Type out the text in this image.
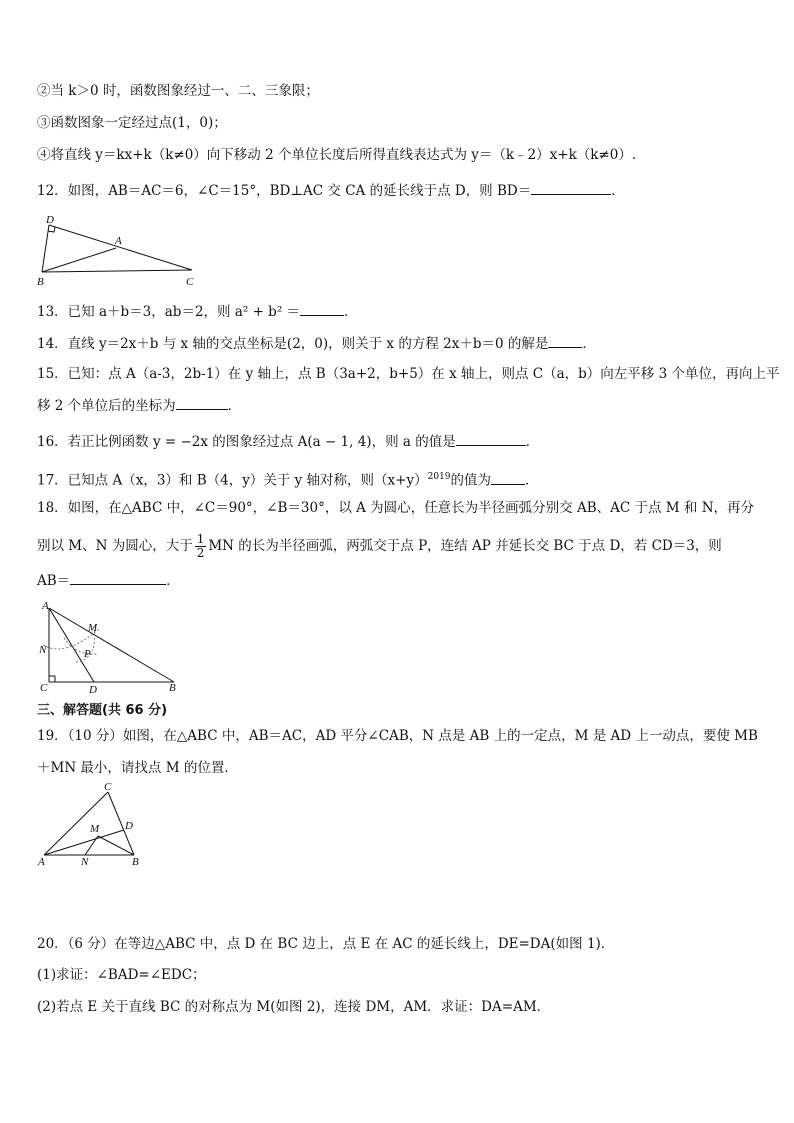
②当 k＞0 时，函数图象经过一、二、三象限；
③函数图象一定经过点(1，0)；
④将直线 y＝kx+k（k≠0）向下移动 2 个单位长度后所得直线表达式为 y＝（k﹣2）x+k（k≠0）.
12．如图，AB＝AC＝6，∠C＝15°，BD⊥AC 交 CA 的延长线于点 D，则 BD＝	．
D
A
B	C
13．已知 a＋b＝3，ab＝2，则 a² + b² ＝	．
14．直线 y＝2x＋b 与 x 轴的交点坐标是(2，0)，则关于 x 的方程 2x＋b＝0 的解是	．
15．已知：点 A（a-3，2b-1）在 y 轴上，点 B（3a+2，b+5）在 x 轴上，则点 C（a，b）向左平移 3 个单位，再向上平
移 2 个单位后的坐标为	．
16．若正比例函数 y = −2x 的图象经过点 A(a − 1, 4)，则 a 的值是	．
17．已知点 A（x，3）和 B（4，y）关于 y 轴对称，则$(x+y)^{2019}$的值为	．
18．如图，在△ABC 中，∠C＝90°，∠B＝30°，以 A 为圆心，任意长为半径画弧分别交 AB、AC 于点 M 和 N，再分
别以 M、N 为圆心，大于 $\frac{1}{2}$ MN 的长为半径画弧，两弧交于点 P，连结 AP 并延长交 BC 于点 D，若 CD＝3，则
AB＝	．
A
M
N	P
C	D	B
三、解答题(共 66 分)
19．（10 分）如图，在△ABC 中，AB＝AC，AD 平分∠CAB，N 点是 AB 上的一定点，M 是 AD 上一动点，要使 MB
＋MN 最小，请找点 M 的位置．
C
D
M
A	N	B
20．（6 分）在等边△ABC 中，点 D 在 BC 边上，点 E 在 AC 的延长线上，DE=DA(如图 1)．
(1)求证：∠BAD=∠EDC；
(2)若点 E 关于直线 BC 的对称点为 M(如图 2)，连接 DM，AM．求证：DA=AM．
